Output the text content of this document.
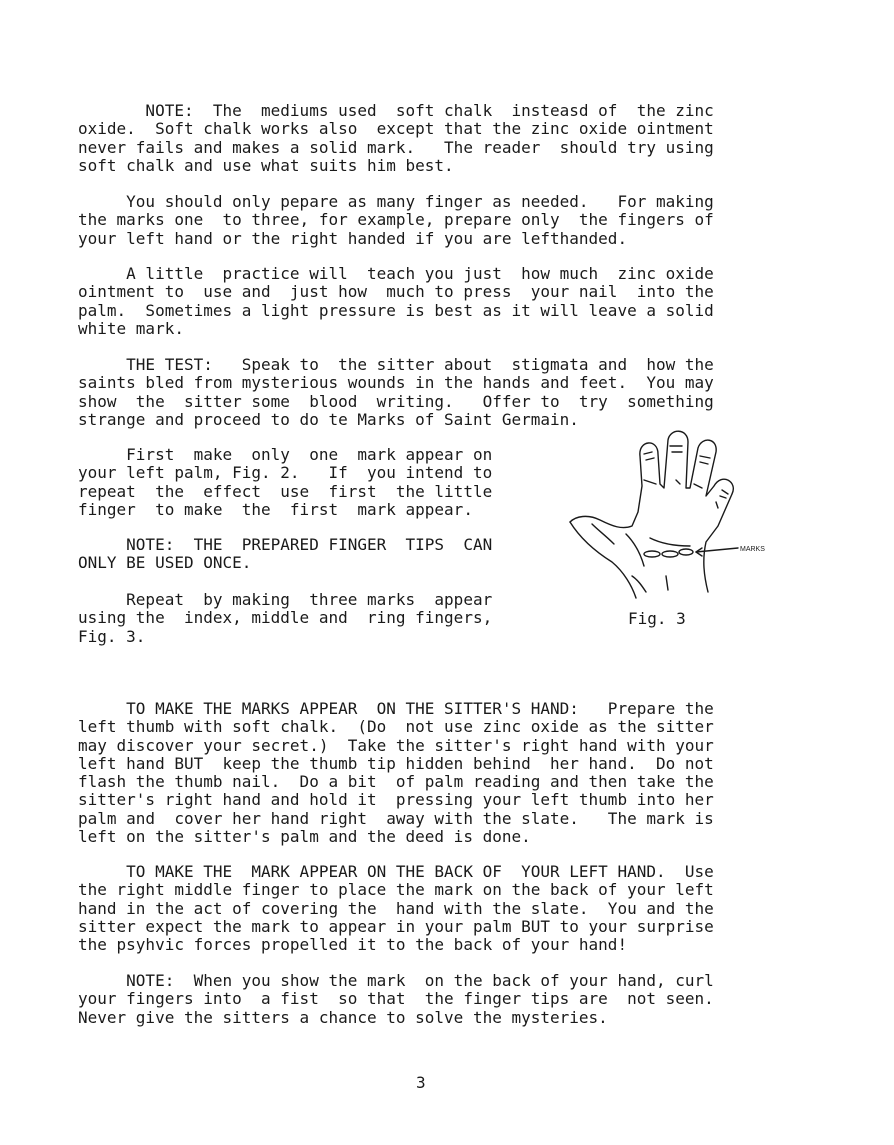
NOTE:  The  mediums used  soft chalk  insteasd of  the zinc
oxide.  Soft chalk works also  except that the zinc oxide ointment
never fails and makes a solid mark.   The reader  should try using
soft chalk and use what suits him best.
You should only pepare as many finger as needed.   For making
the marks one  to three, for example, prepare only  the fingers of
your left hand or the right handed if you are lefthanded.
A little  practice will  teach you just  how much  zinc oxide
ointment to  use and  just how  much to press  your nail  into the
palm.  Sometimes a light pressure is best as it will leave a solid
white mark.
THE TEST:   Speak to  the sitter about  stigmata and  how the
saints bled from mysterious wounds in the hands and feet.  You may
show  the  sitter some  blood  writing.   Offer to  try  something
strange and proceed to do te Marks of Saint Germain.
First  make  only  one  mark appear on
your left palm, Fig. 2.   If  you intend to
repeat  the  effect  use  first  the little
finger  to make  the  first  mark appear.
NOTE:  THE  PREPARED FINGER  TIPS  CAN
ONLY BE USED ONCE.
Repeat  by making  three marks  appear
using the  index, middle and  ring fingers,
Fig. 3.
MARKS
Fig. 3
TO MAKE THE MARKS APPEAR  ON THE SITTER'S HAND:   Prepare the
left thumb with soft chalk.  (Do  not use zinc oxide as the sitter
may discover your secret.)  Take the sitter's right hand with your
left hand BUT  keep the thumb tip hidden behind  her hand.  Do not
flash the thumb nail.  Do a bit  of palm reading and then take the
sitter's right hand and hold it  pressing your left thumb into her
palm and  cover her hand right  away with the slate.   The mark is
left on the sitter's palm and the deed is done.
TO MAKE THE  MARK APPEAR ON THE BACK OF  YOUR LEFT HAND.  Use
the right middle finger to place the mark on the back of your left
hand in the act of covering the  hand with the slate.  You and the
sitter expect the mark to appear in your palm BUT to your surprise
the psyhvic forces propelled it to the back of your hand!
NOTE:  When you show the mark  on the back of your hand, curl
your fingers into  a fist  so that  the finger tips are  not seen.
Never give the sitters a chance to solve the mysteries.
3
